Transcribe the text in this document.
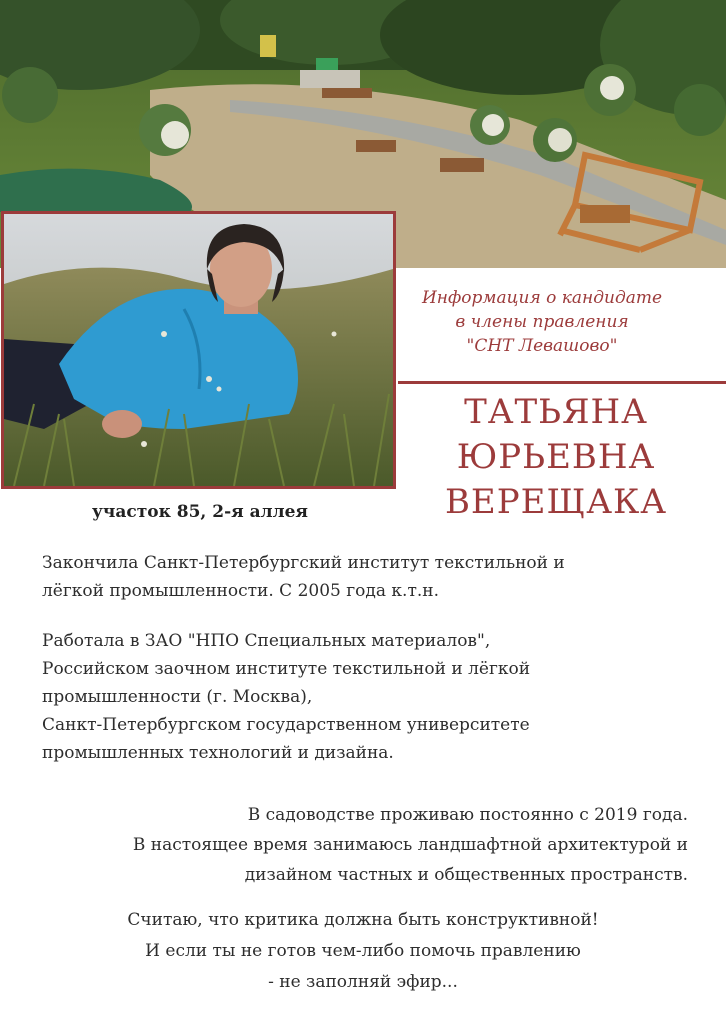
Информация о кандидате
в члены правления
"СНТ Левашово"
ТАТЬЯНА
ЮРЬЕВНА
ВЕРЕЩАКА
участок 85, 2-я аллея
Закончила Санкт-Петербургский институт текстильной и
лёгкой промышленности. С 2005 года к.т.н.
Работала в ЗАО "НПО Специальных материалов",
Российском заочном институте текстильной и лёгкой
промышленности (г. Москва),
Санкт-Петербургском государственном университете
промышленных технологий и дизайна.
В садоводстве проживаю постоянно с 2019 года.
В настоящее время занимаюсь ландшафтной архитектурой и
дизайном частных и общественных пространств.
Считаю, что критика должна быть конструктивной!
И если ты не готов чем-либо помочь правлению
- не заполняй эфир...
